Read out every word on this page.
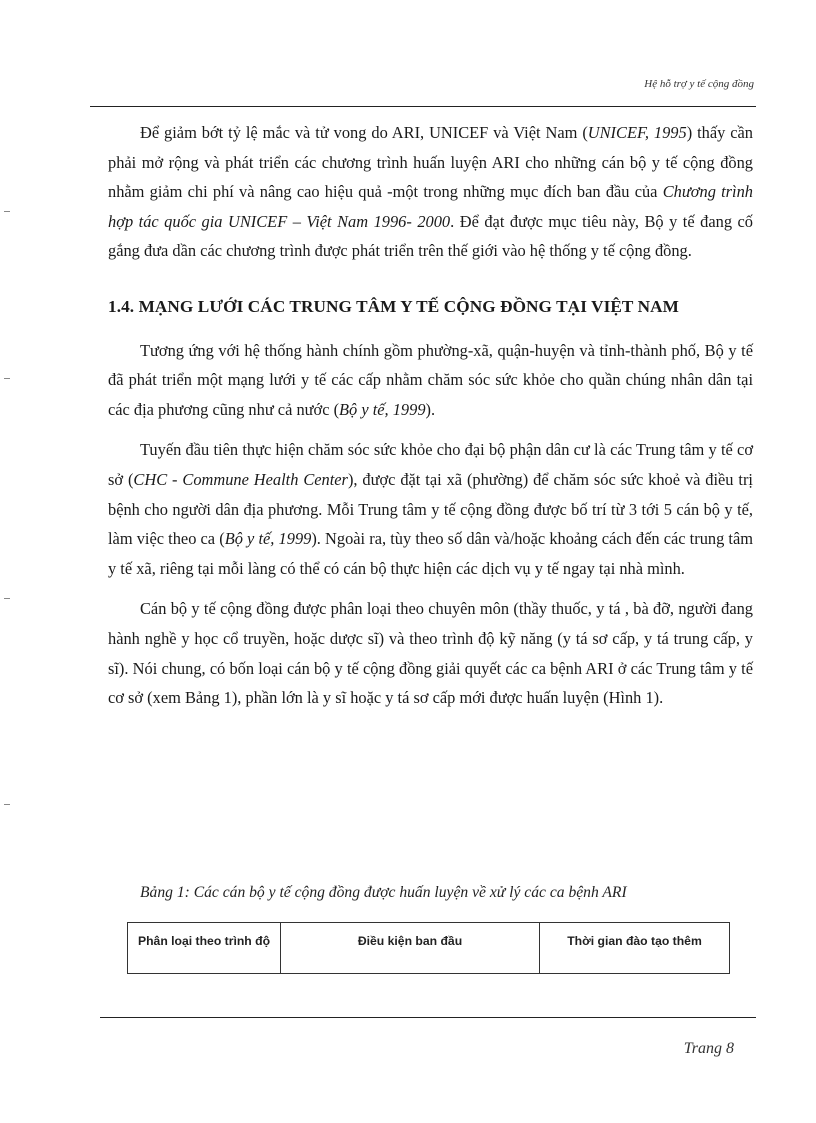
Hệ hỗ trợ y tế cộng đồng

Để giảm bớt tỷ lệ mắc và tử vong do ARI, UNICEF và Việt Nam (UNICEF, 1995) thấy cần phải mở rộng và phát triển các chương trình huấn luyện ARI cho những cán bộ y tế cộng đồng nhằm giảm chi phí và nâng cao hiệu quả -một trong những mục đích ban đầu của Chương trình hợp tác quốc gia UNICEF – Việt Nam 1996- 2000. Để đạt được mục tiêu này, Bộ y tế đang cố gắng đưa dần các chương trình được phát triển trên thế giới vào hệ thống y tế cộng đồng.

1.4. MẠNG LƯỚI CÁC TRUNG TÂM Y TẾ CỘNG ĐỒNG TẠI VIỆT NAM

Tương ứng với hệ thống hành chính gồm phường-xã, quận-huyện và tỉnh-thành phố, Bộ y tế đã phát triển một mạng lưới y tế các cấp nhằm chăm sóc sức khỏe cho quần chúng nhân dân tại các địa phương cũng như cả nước (Bộ y tế, 1999).

Tuyến đầu tiên thực hiện chăm sóc sức khỏe cho đại bộ phận dân cư là các Trung tâm y tế cơ sở (CHC - Commune Health Center), được đặt tại xã (phường) để chăm sóc sức khoẻ và điều trị bệnh cho người dân địa phương. Mỗi Trung tâm y tế cộng đồng được bố trí từ 3 tới 5 cán bộ y tế, làm việc theo ca (Bộ y tế, 1999). Ngoài ra, tùy theo số dân và/hoặc khoảng cách đến các trung tâm y tế xã, riêng tại mỗi làng có thể có cán bộ thực hiện các dịch vụ y tế ngay tại nhà mình.

Cán bộ y tế cộng đồng được phân loại theo chuyên môn (thầy thuốc, y tá , bà đỡ, người đang hành nghề y học cổ truyền, hoặc dược sĩ) và theo trình độ kỹ năng (y tá sơ cấp, y tá trung cấp, y sĩ). Nói chung, có bốn loại cán bộ y tế cộng đồng giải quyết các ca bệnh ARI ở các Trung tâm y tế cơ sở (xem Bảng 1), phần lớn là y sĩ hoặc y tá sơ cấp mới được huấn luyện (Hình 1).

Bảng 1: Các cán bộ y tế cộng đồng được huấn luyện về xử lý các ca bệnh ARI
Phân loại theo trình độ	Điều kiện ban đầu	Thời gian đào tạo thêm
Trang 8
